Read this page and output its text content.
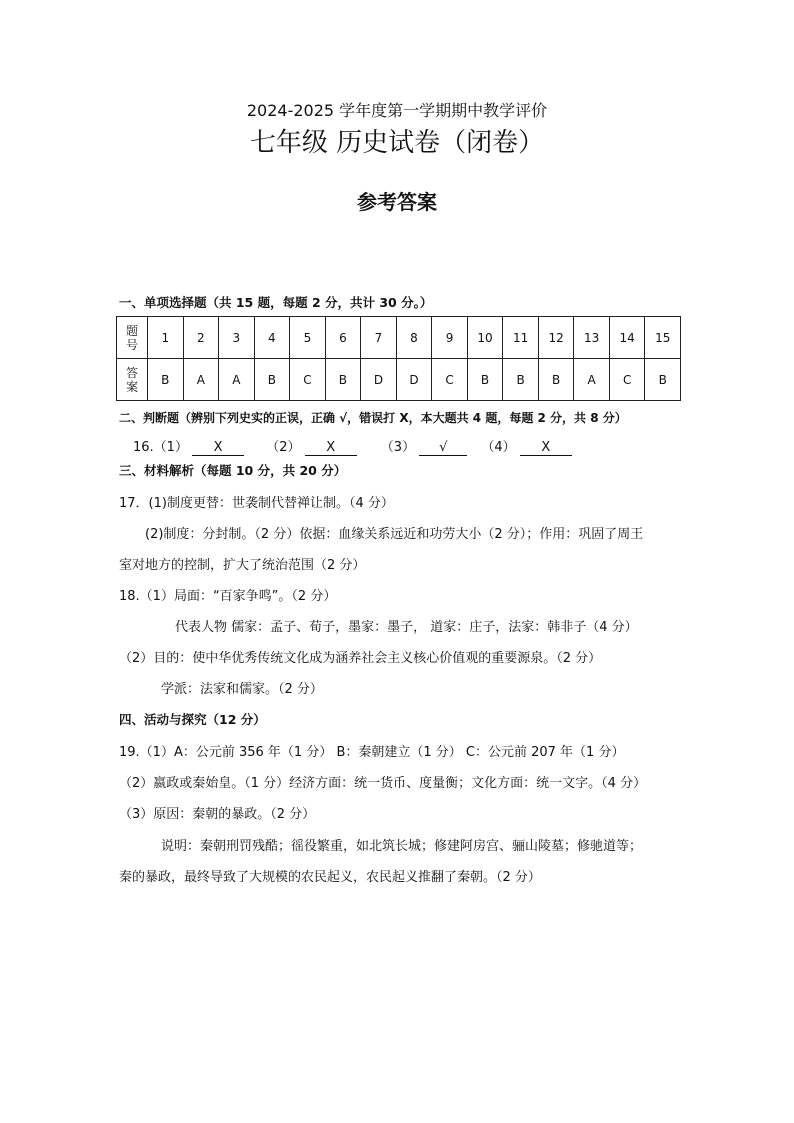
2024-2025 学年度第一学期期中教学评价
七年级 历史试卷（闭卷）
参考答案
一、单项选择题（共 15 题，每题 2 分，共计 30 分。）
题
号	1	2	3	4	5	6	7	8	9	10	11	12	13	14	15

答
案	B	A	A	B	C	B	D	D	C	B	B	B	A	C	B
二、判断题（辨别下列史实的正误，正确 √，错误打 X，本大题共 4 题，每题 2 分，共 8 分）
16.（1） X	（2） X	（3） √	（4） X
三、材料解析（每题 10 分，共 20 分）
17．(1)制度更替：世袭制代替禅让制。（4 分）
(2)制度：分封制。（2 分）依据：血缘关系远近和功劳大小（2 分）；作用：巩固了周王
室对地方的控制，扩大了统治范围（2 分）
18.（1）局面：“百家争鸣”。（2 分）
代表人物 儒家：孟子、荀子，墨家：墨子， 道家：庄子，法家：韩非子（4 分）
（2）目的：使中华优秀传统文化成为涵养社会主义核心价值观的重要源泉。（2 分）
学派：法家和儒家。（2 分）
四、活动与探究（12 分）
19.（1）A：公元前 356 年（1 分） B：秦朝建立（1 分） C：公元前 207 年（1 分）
（2）嬴政或秦始皇。（1 分）经济方面：统一货币、度量衡；文化方面：统一文字。（4 分）
（3）原因：秦朝的暴政。（2 分）
说明：秦朝刑罚残酷；徭役繁重，如北筑长城；修建阿房宫、骊山陵墓；修驰道等；
秦的暴政，最终导致了大规模的农民起义，农民起义推翻了秦朝。（2 分）
